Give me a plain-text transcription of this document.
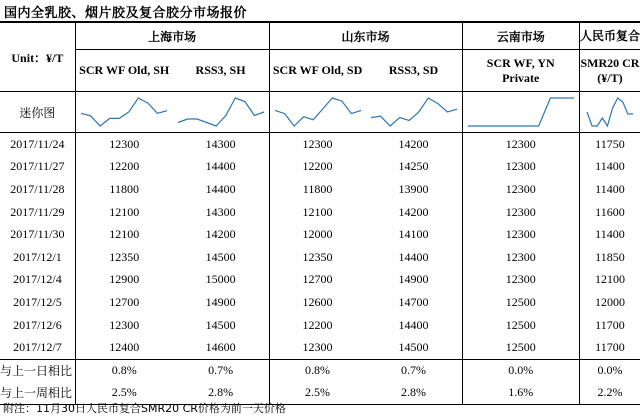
国内全乳胶、烟片胶及复合胶分市场报价
Unit：¥/T	上海市场		山东市场		云南市场	人民币复合
	SCR WF Old, SH	RSS3, SH	SCR WF Old, SD	RSS3, SD	SCR WF, YN Private	SMR20 CR (¥/T)
迷你图	

2017/11/24	12300	14300	12300	14200	12300	11750
2017/11/27	12200	14400	12200	14250	12300	11400
2017/11/28	11800	14400	11800	13900	12300	11400
2017/11/29	12100	14300	12100	14200	12300	11600
2017/11/30	12100	14200	12000	14100	12300	11400
2017/12/1	12350	14500	12350	14400	12300	11850
2017/12/4	12900	15000	12700	14900	12300	12100
2017/12/5	12700	14900	12600	14700	12500	12000
2017/12/6	12300	14500	12200	14400	12500	11700
2017/12/7	12400	14600	12300	14500	12500	11700
与上一日相比	0.8%	0.7%	0.8%	0.7%	0.0%	0.0%
与上一周相比	2.5%	2.8%	2.5%	2.8%	1.6%	2.2%
附注：11月30日人民币复合SMR20 CR价格为前一天价格
